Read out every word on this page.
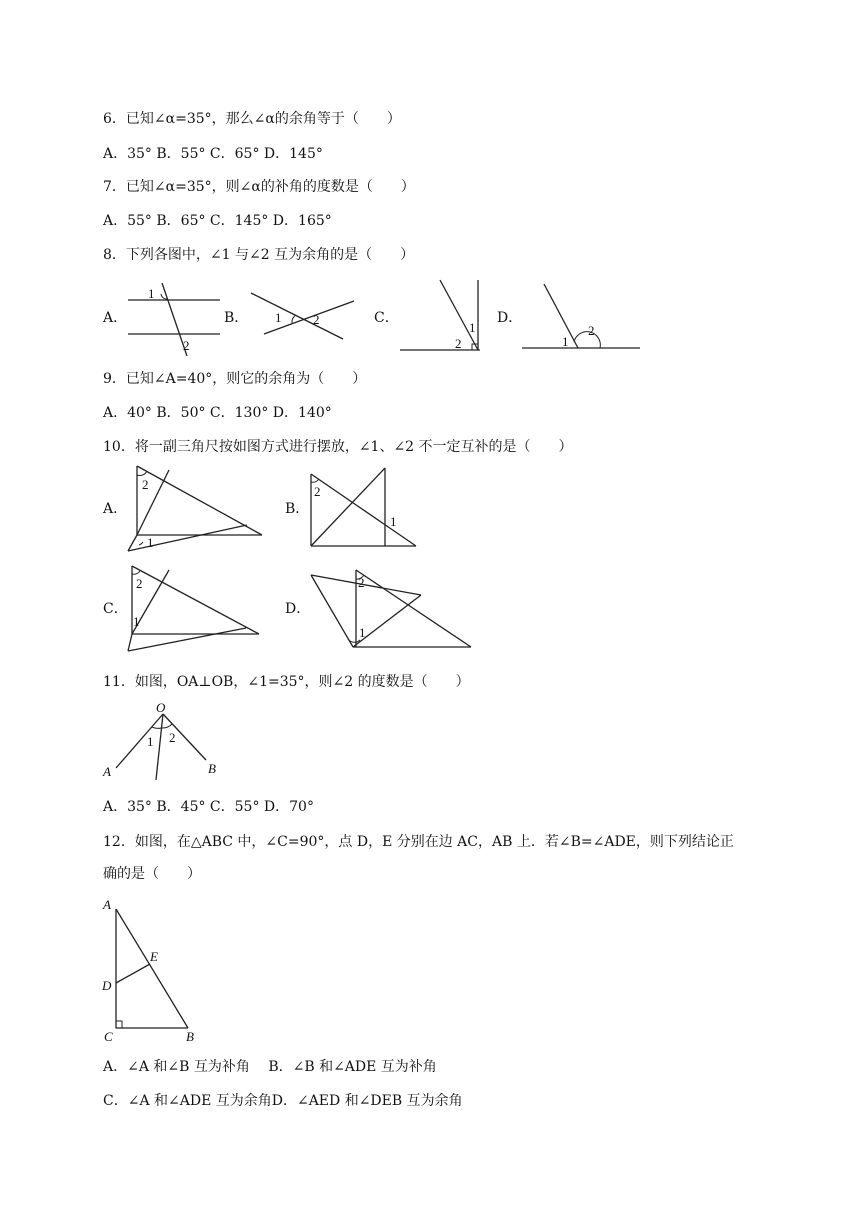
6．已知∠α=35°，那么∠α的余角等于（　　）
A．35° B．55° C．65° D．145°
7．已知∠α=35°，则∠α的补角的度数是（　　）
A．55° B．65° C．145° D．165°
8．下列各图中，∠1 与∠2 互为余角的是（　　）
A．
1
2
B． 1 2	C．
1
2
D．
1
2
9．已知∠A=40°，则它的余角为（　　）
A．40° B．50° C．130° D．140°
10．将一副三角尺按如图方式进行摆放，∠1、∠2 不一定互补的是（　　）
A．
2
1
B．
2
1
C．
2
1
D．
2
1
11．如图，OA⊥OB，∠1=35°，则∠2 的度数是（　　）
O
A	B
1 2
A．35° B．45° C．55° D．70°
12．如图，在△ABC 中，∠C=90°，点 D，E 分别在边 AC，AB 上．若∠B=∠ADE，则下列结论正
确的是（　　）
A
D
E
C	B
A．∠A 和∠B 互为补角　 B．∠B 和∠ADE 互为补角
C．∠A 和∠ADE 互为余角D．∠AED 和∠DEB 互为余角
